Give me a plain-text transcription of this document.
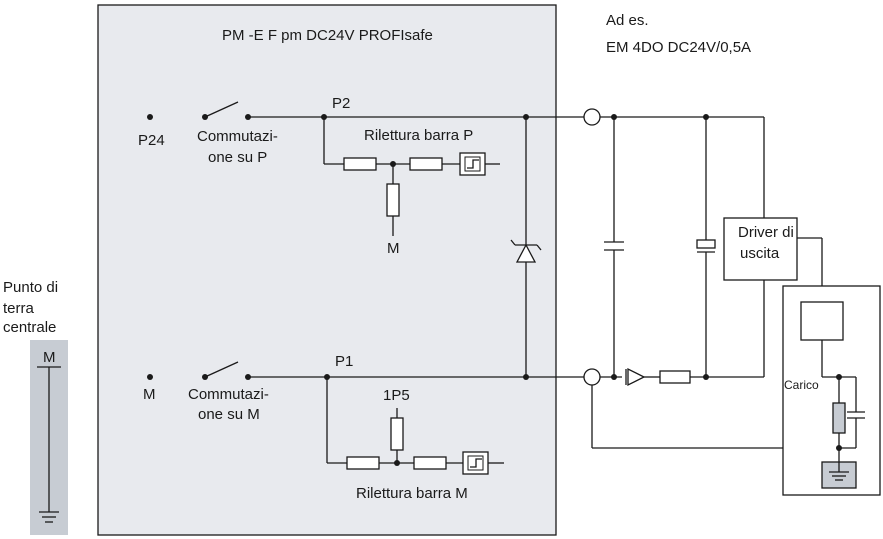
PM -E F pm DC24V PROFIsafe
P24 Commutazi-
one su P
P2
Rilettura barra P
M
M Commutazi-
one su M
P1
1P5
Rilettura barra M
Ad es.
EM 4DO DC24V/0,5A
Driver di
uscita
Carico
Punto di
terra
centrale
M
